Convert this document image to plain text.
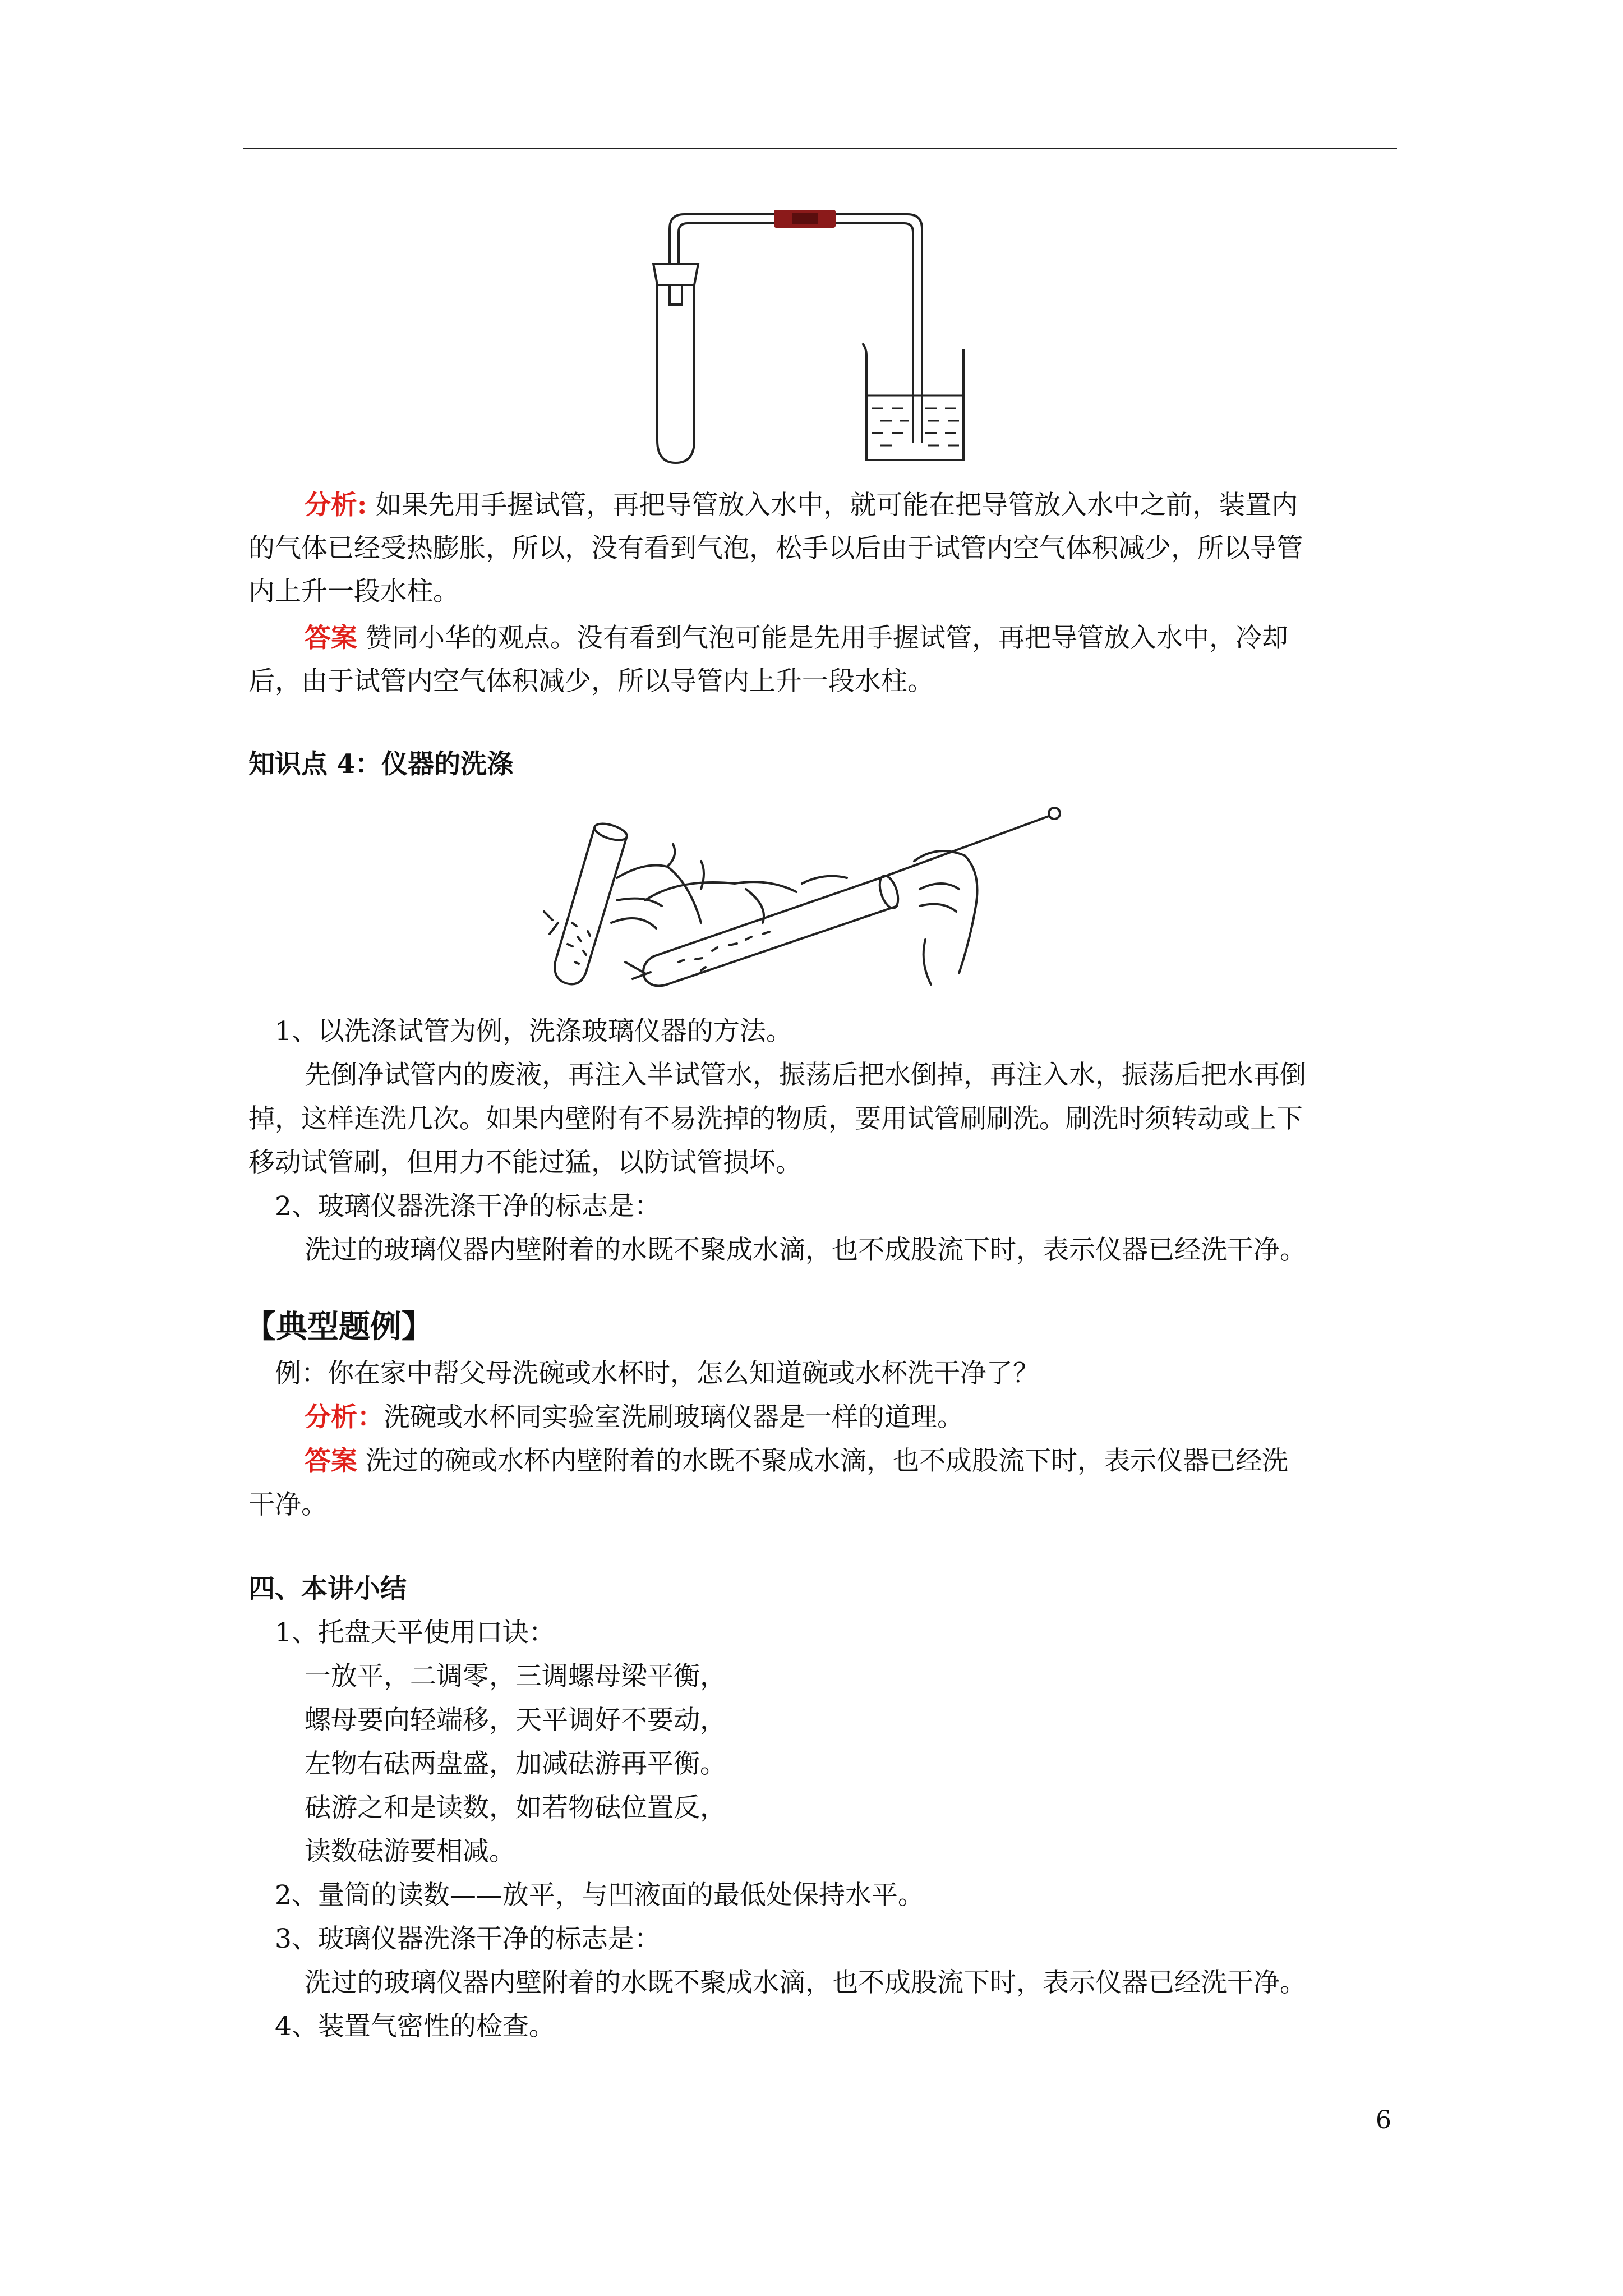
分析: 如果先用手握试管，再把导管放入水中，就可能在把导管放入水中之前，装置内
的气体已经受热膨胀，所以，没有看到气泡，松手以后由于试管内空气体积减少，所以导管
内上升一段水柱。
答案 赞同小华的观点。没有看到气泡可能是先用手握试管，再把导管放入水中，冷却
后，由于试管内空气体积减少，所以导管内上升一段水柱。
知识点 4：仪器的洗涤
1、以洗涤试管为例，洗涤玻璃仪器的方法。
先倒净试管内的废液，再注入半试管水，振荡后把水倒掉，再注入水，振荡后把水再倒
掉，这样连洗几次。如果内壁附有不易洗掉的物质，要用试管刷刷洗。刷洗时须转动或上下
移动试管刷，但用力不能过猛，以防试管损坏。
2、玻璃仪器洗涤干净的标志是：
洗过的玻璃仪器内壁附着的水既不聚成水滴，也不成股流下时，表示仪器已经洗干净。
【典型题例】
例：你在家中帮父母洗碗或水杯时，怎么知道碗或水杯洗干净了？
分析：洗碗或水杯同实验室洗刷玻璃仪器是一样的道理。
答案 洗过的碗或水杯内壁附着的水既不聚成水滴，也不成股流下时，表示仪器已经洗
干净。
四、本讲小结
1、托盘天平使用口诀：
一放平，二调零，三调螺母梁平衡，
螺母要向轻端移，天平调好不要动，
左物右砝两盘盛，加减砝游再平衡。
砝游之和是读数，如若物砝位置反，
读数砝游要相减。
2、量筒的读数——放平，与凹液面的最低处保持水平。
3、玻璃仪器洗涤干净的标志是：
洗过的玻璃仪器内壁附着的水既不聚成水滴，也不成股流下时，表示仪器已经洗干净。
4、装置气密性的检查。
6
